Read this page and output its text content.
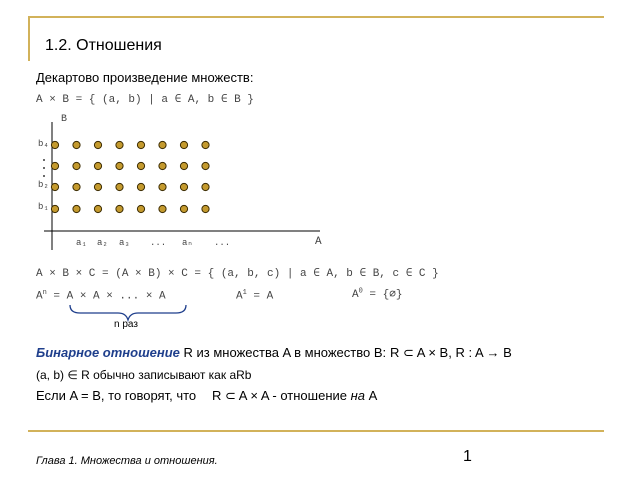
1.2. Отношения
Декартово произведение множеств:
A × B = { (a, b) | a ∈ A, b ∈ B }
B
A
b₁
b₂
b₄
a₁ a₂ a₃ ... aₙ ...
A × B × C = (A × B) × C = { (a, b, c) | a ∈ A, b ∈ B, c ∈ C }
$A^n = A \times A$ × ... × A	$A^1 = A$	$A^0$ = {∅}
n раз
Бинарное отношение R из множества A в множество B: R ⊂ A × B, R : A → B
(a, b) ∈ R обычно записывают как aRb
Если A = B, то говорят, что R ⊂ A × A - отношение на A
Глава 1. Множества и отношения.	1
